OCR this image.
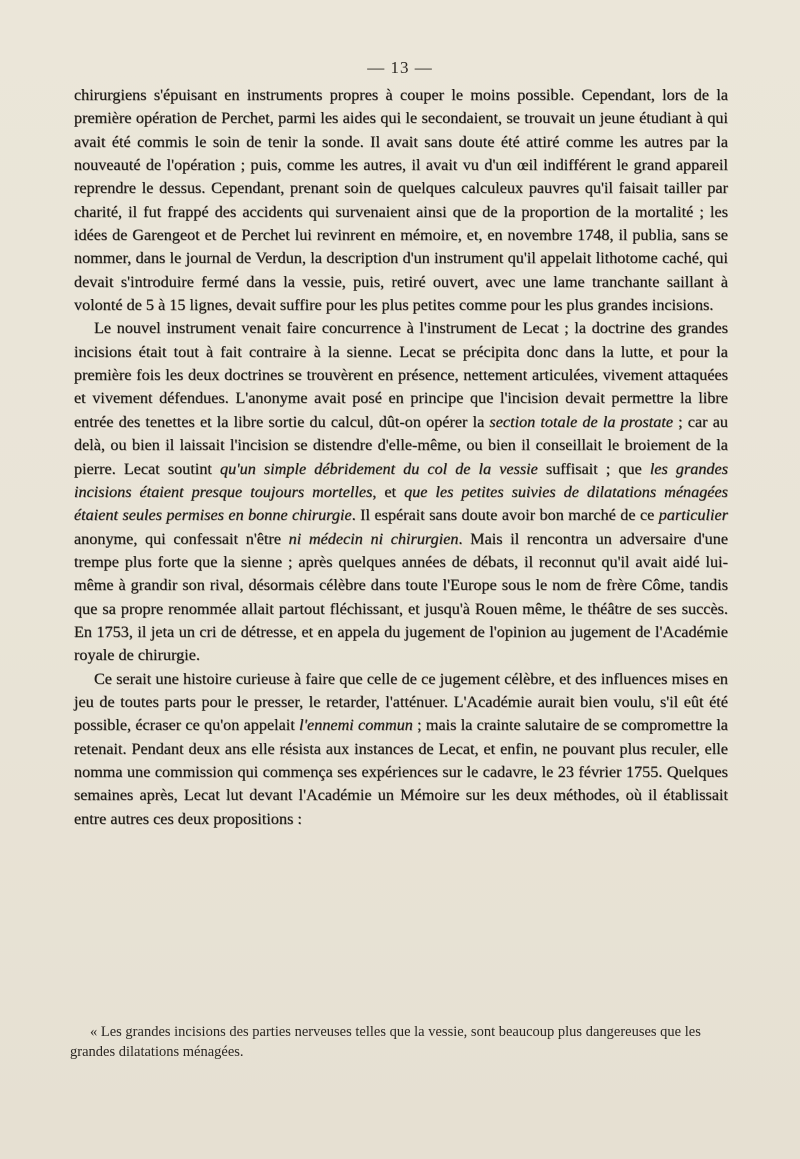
— 13 —

chirurgiens s'épuisant en instruments propres à couper le moins possible. Cependant, lors de la première opération de Perchet, parmi les aides qui le secondaient, se trouvait un jeune étudiant à qui avait été commis le soin de tenir la sonde. Il avait sans doute été attiré comme les autres par la nouveauté de l'opération ; puis, comme les autres, il avait vu d'un œil indifférent le grand appareil reprendre le dessus. Cependant, prenant soin de quelques calculeux pauvres qu'il faisait tailler par charité, il fut frappé des accidents qui survenaient ainsi que de la proportion de la mortalité ; les idées de Garengeot et de Perchet lui revinrent en mémoire, et, en novembre 1748, il publia, sans se nommer, dans le journal de Verdun, la description d'un instrument qu'il appelait lithotome caché, qui devait s'introduire fermé dans la vessie, puis, retiré ouvert, avec une lame tranchante saillant à volonté de 5 à 15 lignes, devait suffire pour les plus petites comme pour les plus grandes incisions.

Le nouvel instrument venait faire concurrence à l'instrument de Lecat ; la doctrine des grandes incisions était tout à fait contraire à la sienne. Lecat se précipita donc dans la lutte, et pour la première fois les deux doctrines se trouvèrent en présence, nettement articulées, vivement attaquées et vivement défendues. L'anonyme avait posé en principe que l'incision devait permettre la libre entrée des tenettes et la libre sortie du calcul, dût-on opérer la section totale de la prostate ; car au delà, ou bien il laissait l'incision se distendre d'elle-même, ou bien il conseillait le broiement de la pierre. Lecat soutint qu'un simple débridement du col de la vessie suffisait ; que les grandes incisions étaient presque toujours mortelles, et que les petites suivies de dilatations ménagées étaient seules permises en bonne chirurgie. Il espérait sans doute avoir bon marché de ce particulier anonyme, qui confessait n'être ni médecin ni chirurgien. Mais il rencontra un adversaire d'une trempe plus forte que la sienne ; après quelques années de débats, il reconnut qu'il avait aidé lui-même à grandir son rival, désormais célèbre dans toute l'Europe sous le nom de frère Côme, tandis que sa propre renommée allait partout fléchissant, et jusqu'à Rouen même, le théâtre de ses succès. En 1753, il jeta un cri de détresse, et en appela du jugement de l'opinion au jugement de l'Académie royale de chirurgie.

Ce serait une histoire curieuse à faire que celle de ce jugement célèbre, et des influences mises en jeu de toutes parts pour le presser, le retarder, l'atténuer. L'Académie aurait bien voulu, s'il eût été possible, écraser ce qu'on appelait l'ennemi commun ; mais la crainte salutaire de se compromettre la retenait. Pendant deux ans elle résista aux instances de Lecat, et enfin, ne pouvant plus reculer, elle nomma une commission qui commença ses expériences sur le cadavre, le 23 février 1755. Quelques semaines après, Lecat lut devant l'Académie un Mémoire sur les deux méthodes, où il établissait entre autres ces deux propositions :

« Les grandes incisions des parties nerveuses telles que la vessie, sont beaucoup plus dangereuses que les grandes dilatations ménagées.
